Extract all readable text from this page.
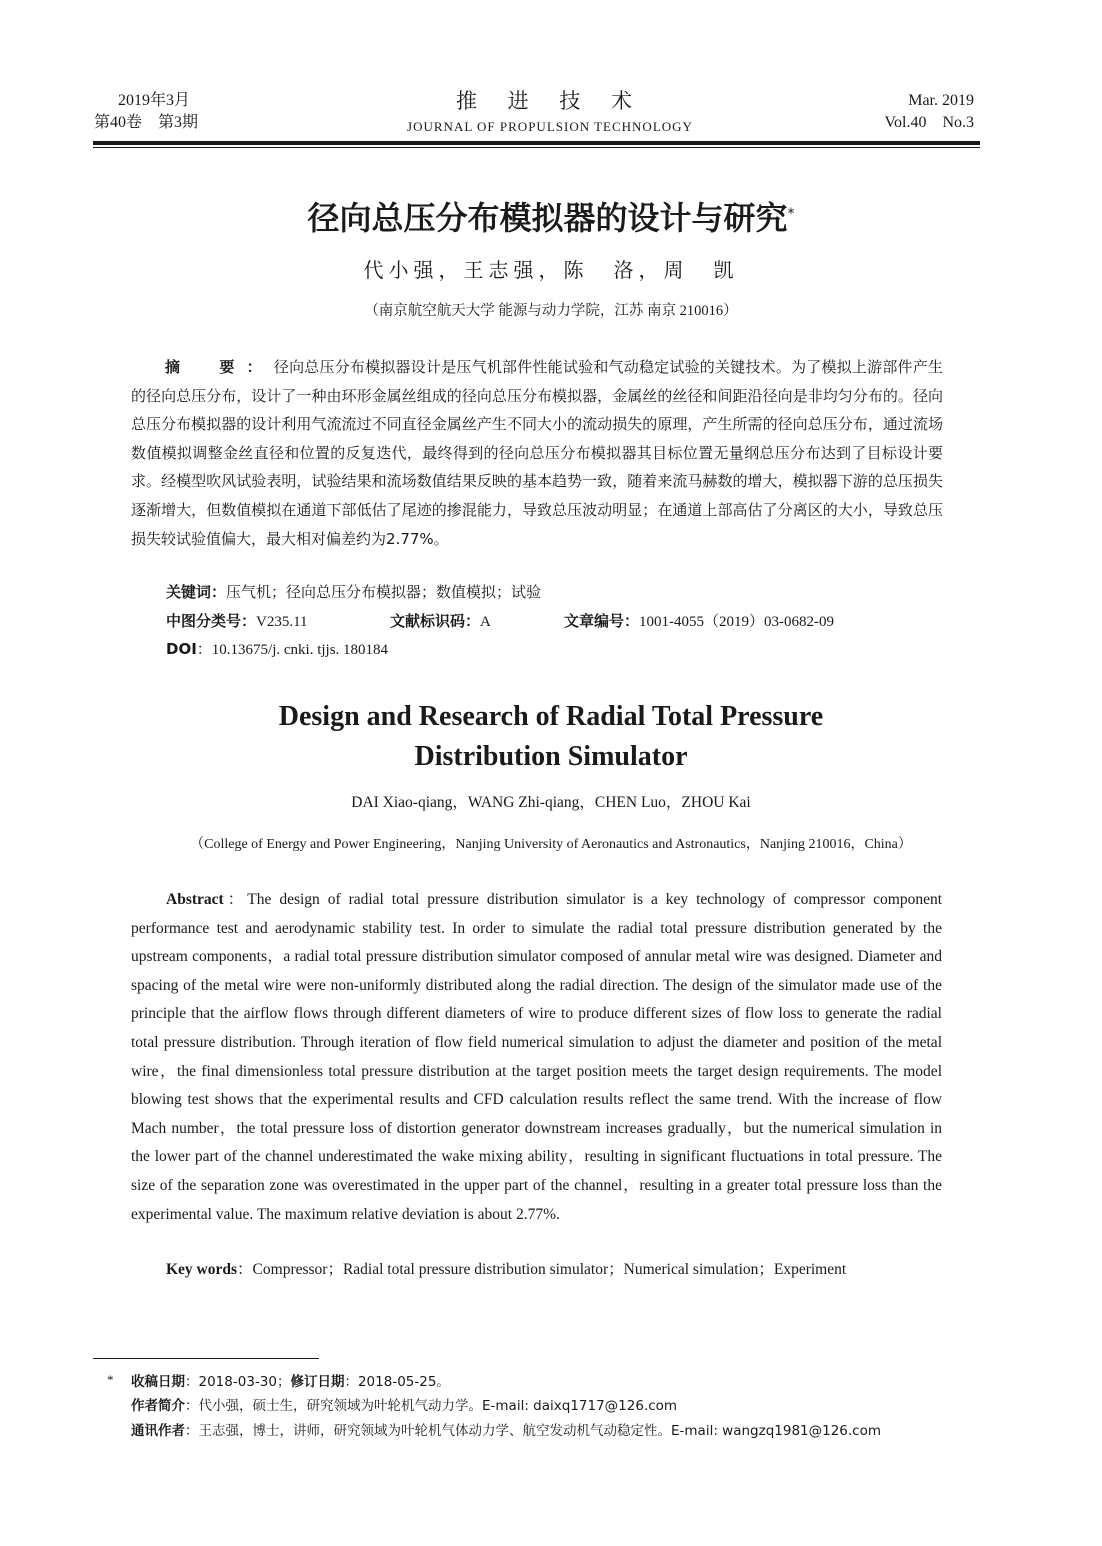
2019年3月
第40卷　第3期
推 进 技 术
JOURNAL OF PROPULSION TECHNOLOGY
Mar. 2019
Vol.40　No.3
径向总压分布模拟器的设计与研究*
代小强，王志强，陈　洛，周　凯
（南京航空航天大学 能源与动力学院，江苏 南京 210016）
摘　要：径向总压分布模拟器设计是压气机部件性能试验和气动稳定试验的关键技术。为了模拟上游部件产生的径向总压分布，设计了一种由环形金属丝组成的径向总压分布模拟器，金属丝的丝径和间距沿径向是非均匀分布的。径向总压分布模拟器的设计利用气流流过不同直径金属丝产生不同大小的流动损失的原理，产生所需的径向总压分布，通过流场数值模拟调整金丝直径和位置的反复迭代，最终得到的径向总压分布模拟器其目标位置无量纲总压分布达到了目标设计要求。经模型吹风试验表明，试验结果和流场数值结果反映的基本趋势一致，随着来流马赫数的增大，模拟器下游的总压损失逐渐增大，但数值模拟在通道下部低估了尾迹的掺混能力，导致总压波动明显；在通道上部高估了分离区的大小，导致总压损失较试验值偏大，最大相对偏差约为2.77%。
关键词：压气机；径向总压分布模拟器；数值模拟；试验
中图分类号：V235.11	文献标识码：A	文章编号：1001-4055（2019）03-0682-09
DOI：10.13675/j. cnki. tjjs. 180184
Design and Research of Radial Total Pressure
Distribution Simulator
DAI Xiao-qiang，WANG Zhi-qiang，CHEN Luo，ZHOU Kai
（College of Energy and Power Engineering，Nanjing University of Aeronautics and Astronautics，Nanjing 210016，China）
Abstract：The design of radial total pressure distribution simulator is a key technology of compressor component performance test and aerodynamic stability test. In order to simulate the radial total pressure distribution generated by the upstream components，a radial total pressure distribution simulator composed of annular metal wire was designed. Diameter and spacing of the metal wire were non-uniformly distributed along the radial direction. The design of the simulator made use of the principle that the airflow flows through different diameters of wire to produce different sizes of flow loss to generate the radial total pressure distribution. Through iteration of flow field numerical simulation to adjust the diameter and position of the metal wire，the final dimensionless total pressure distribution at the target position meets the target design requirements. The model blowing test shows that the experimental results and CFD calculation results reflect the same trend. With the increase of flow Mach number，the total pressure loss of distortion generator downstream increases gradually，but the numerical simulation in the lower part of the channel underestimated the wake mixing ability，resulting in significant fluctuations in total pressure. The size of the separation zone was overestimated in the upper part of the channel，resulting in a greater total pressure loss than the experimental value. The maximum relative deviation is about 2.77%.
Key words：Compressor；Radial total pressure distribution simulator；Numerical simulation；Experiment
* 收稿日期：2018-03-30；修订日期：2018-05-25。
作者简介：代小强，硕士生，研究领域为叶轮机气动力学。E-mail: daixq1717@126.com
通讯作者：王志强，博士，讲师，研究领域为叶轮机气体动力学、航空发动机气动稳定性。E-mail: wangzq1981@126.com
